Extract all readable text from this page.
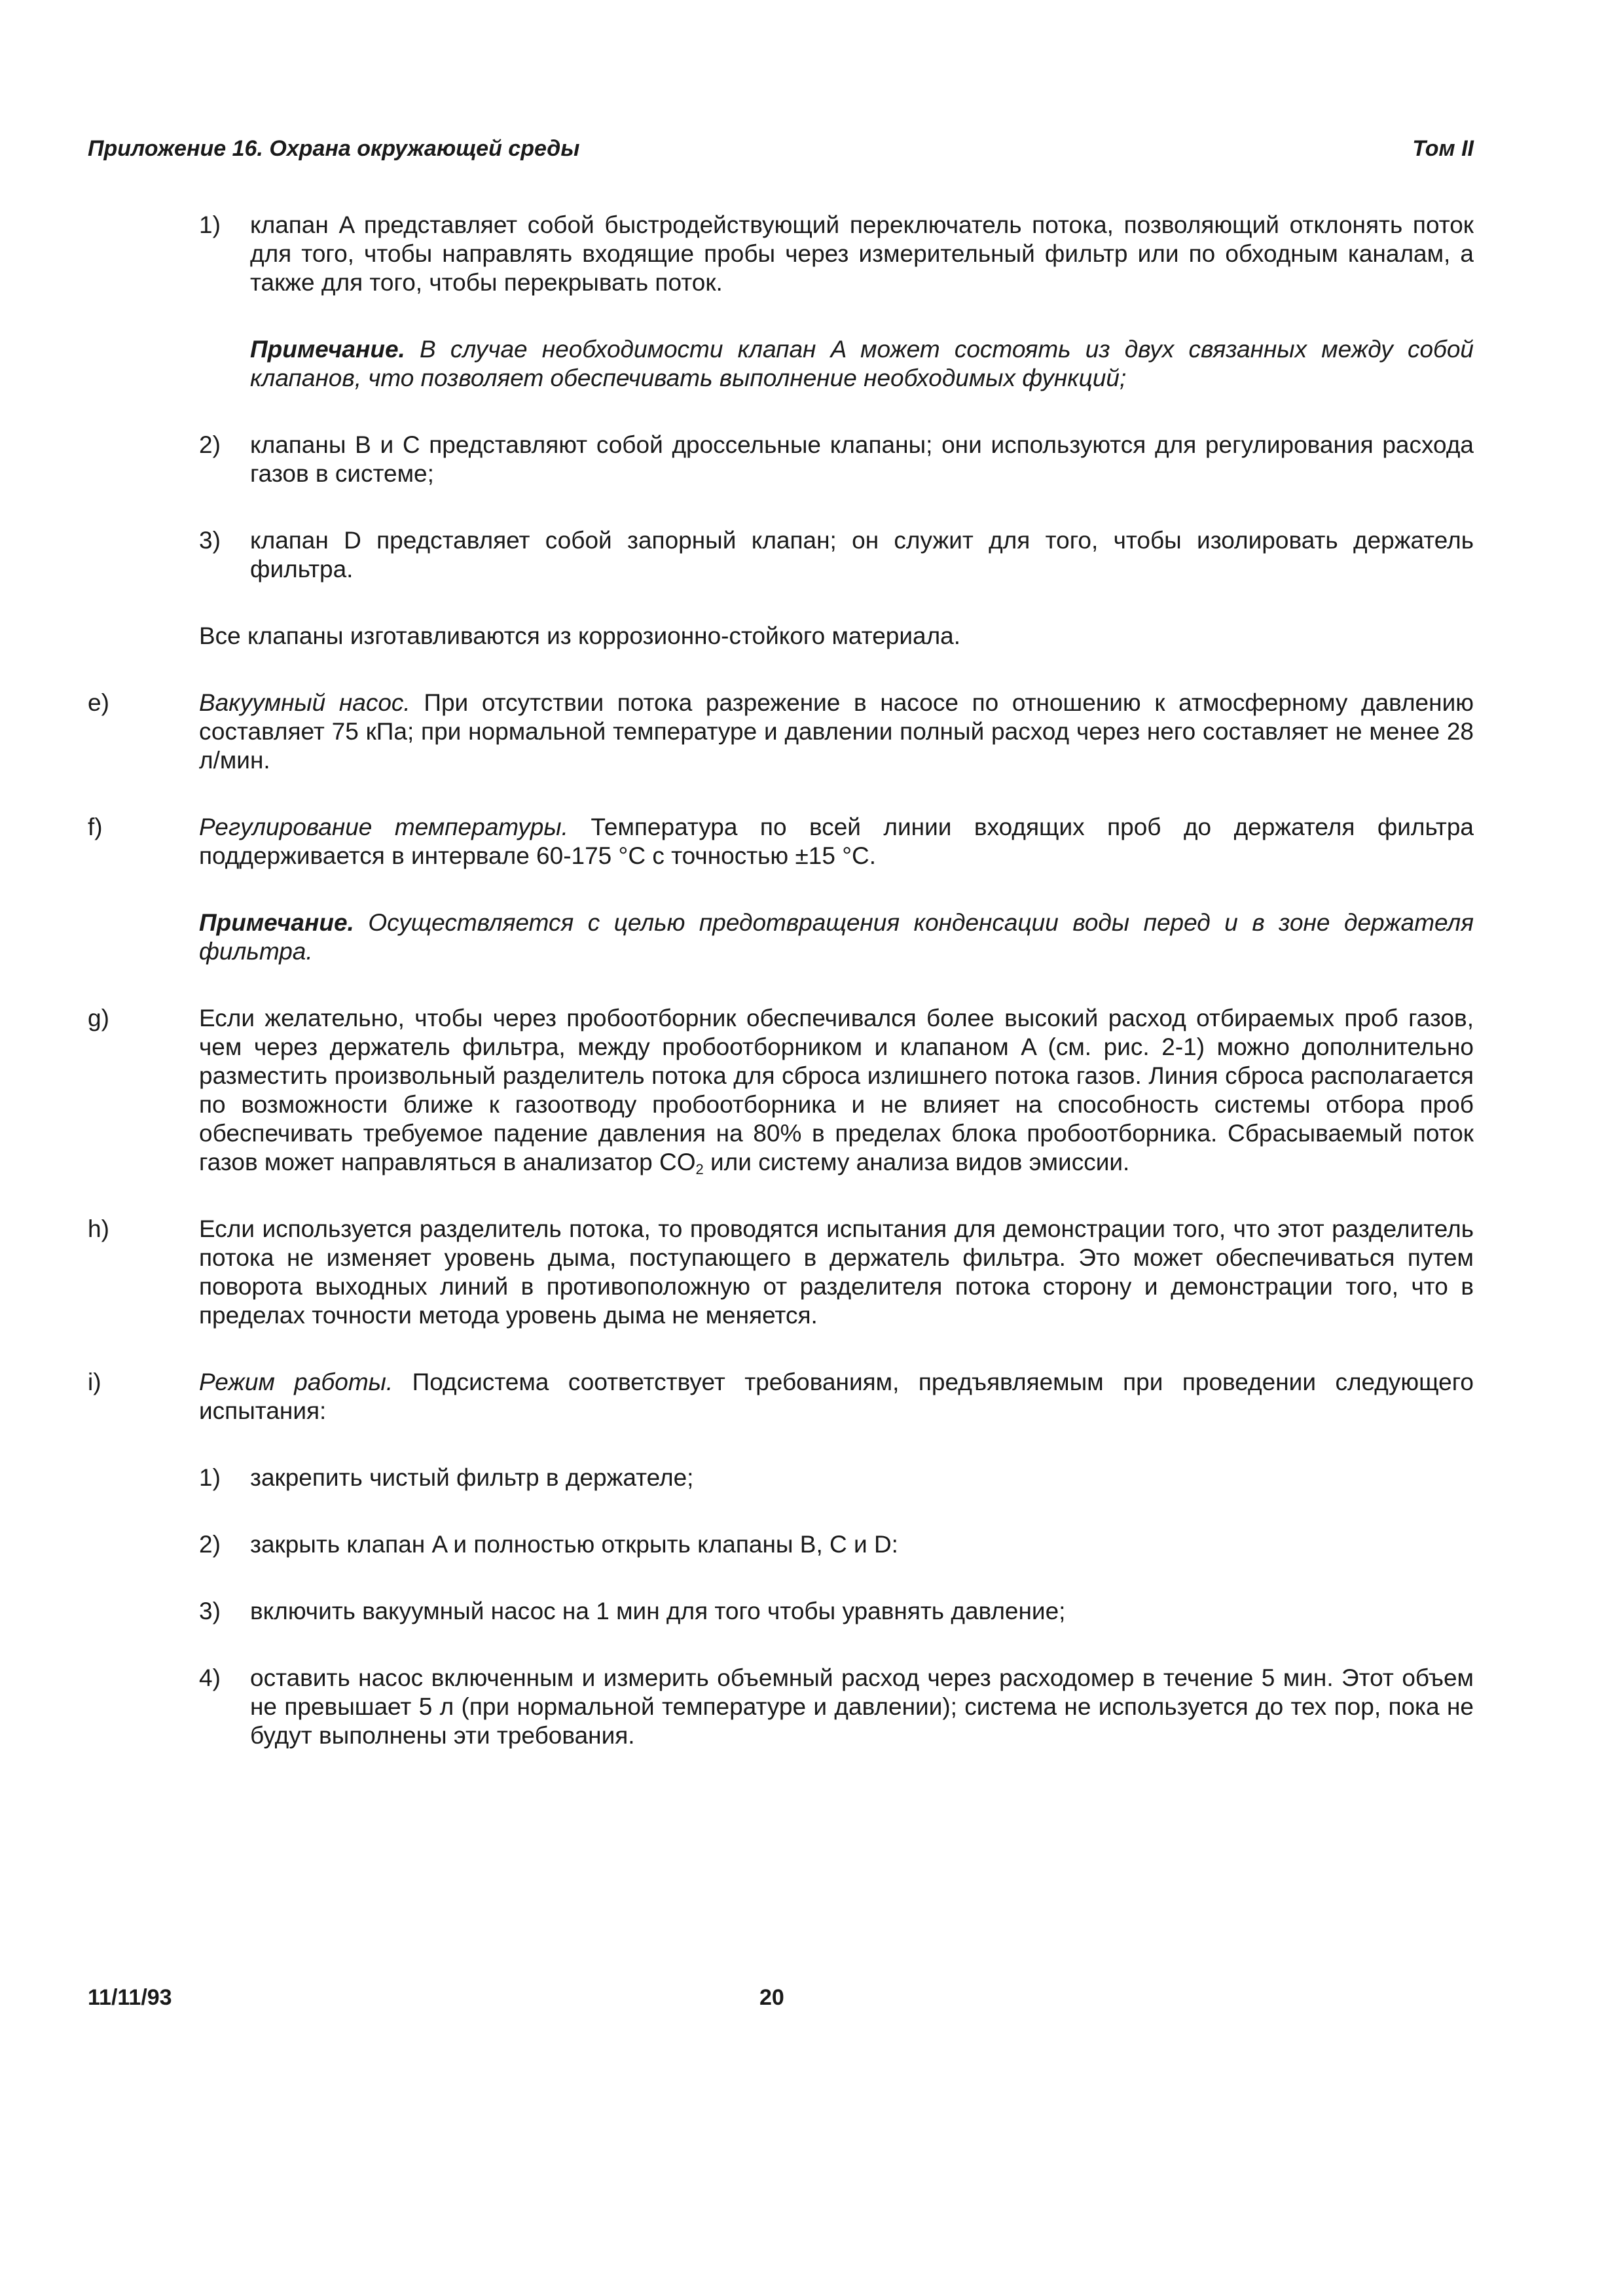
Приложение 16. Охрана окружающей среды	Том II
1) клапан A представляет собой быстродействующий переключатель потока, позволяющий отклонять поток для того, чтобы направлять входящие пробы через измерительный фильтр или по обходным каналам, а также для того, чтобы перекрывать поток.

Примечание. В случае необходимости клапан A может состоять из двух связанных между собой клапанов, что позволяет обеспечивать выполнение необходимых функций;

2) клапаны B и C представляют собой дроссельные клапаны; они используются для регулирования расхода газов в системе;

3) клапан D представляет собой запорный клапан; он служит для того, чтобы изолировать держатель фильтра.

Все клапаны изготавливаются из коррозионно-стойкого материала.

e)	Вакуумный насос. При отсутствии потока разрежение в насосе по отношению к атмосферному давлению составляет 75 кПа; при нормальной температуре и давлении полный расход через него составляет не менее 28 л/мин.

f)	Регулирование температуры. Температура по всей линии входящих проб до держателя фильтра поддерживается в интервале 60-175 °C с точностью ±15 °C.

Примечание. Осуществляется с целью предотвращения конденсации воды перед и в зоне держателя фильтра.

g)	Если желательно, чтобы через пробоотборник обеспечивался более высокий расход отбираемых проб газов, чем через держатель фильтра, между пробоотборником и клапаном A (см. рис. 2-1) можно дополнительно разместить произвольный разделитель потока для сброса излишнего потока газов. Линия сброса располагается по возможности ближе к газоотводу пробоотборника и не влияет на способность системы отбора проб обеспечивать требуемое падение давления на 80% в пределах блока пробоотборника. Сбрасываемый поток газов может направляться в анализатор $CO_2$ или систему анализа видов эмиссии.

h)	Если используется разделитель потока, то проводятся испытания для демонстрации того, что этот разделитель потока не изменяет уровень дыма, поступающего в держатель фильтра. Это может обеспечиваться путем поворота выходных линий в противоположную от разделителя потока сторону и демонстрации того, что в пределах точности метода уровень дыма не меняется.

i)	Режим работы. Подсистема соответствует требованиям, предъявляемым при проведении следующего испытания:

1) закрепить чистый фильтр в держателе;

2) закрыть клапан A и полностью открыть клапаны B, C и D:

3) включить вакуумный насос на 1 мин для того чтобы уравнять давление;

4) оставить насос включенным и измерить объемный расход через расходомер в течение 5 мин. Этот объем не превышает 5 л (при нормальной температуре и давлении); система не используется до тех пор, пока не будут выполнены эти требования.

11/11/93	20
